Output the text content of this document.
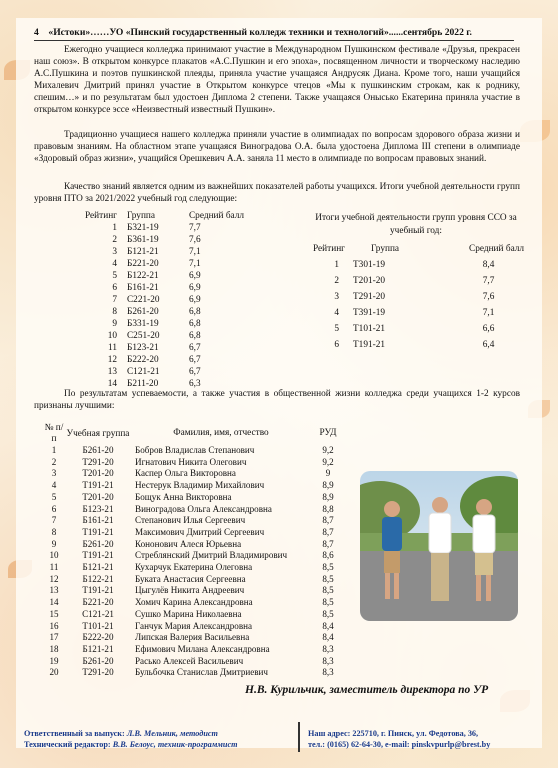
4 «Истоки»……УО «Пинский государственный колледж техники и технологий»......сентябрь 2022 г.
Ежегодно учащиеся колледжа принимают участие в Международном Пушкинском фестивале «Друзья, прекрасен наш союз». В открытом конкурсе плакатов «А.С.Пушкин и его эпоха», посвященном личности и творческому наследию А.С.Пушкина и поэтов пушкинской плеяды, приняла участие учащаяся Андрусяк Диана. Кроме того, наши учащийся Михалевич Дмитрий принял участие в Открытом конкурсе чтецов «Мы к пушкинским строкам, как к роднику, спешим…» и по результатам был удостоен Диплома 2 степени. Также учащаяся Онысько Екатерина приняла участие в открытом конкурсе эссе «Неизвестный известный Пушкин».
Традиционно учащиеся нашего колледжа приняли участие в олимпиадах по вопросам здорового образа жизни и правовым знаниям. На областном этапе учащаяся Виноградова О.А. была удостоена Диплома III степени в олимпиаде «Здоровый образ жизни», учащийся Орешкевич А.А. заняла 11 место в олимпиаде по вопросам правовых знаний.
Качество знаний является одним из важнейших показателей работы учащихся. Итоги учебной деятельности групп уровня ПТО за 2021/2022 учебный год следующие:
Рейтинг	Группа	Средний балл
1	Б321-19	7,7
2	Б361-19	7,6
3	Б121-21	7,1
4	Б221-20	7,1
5	Б122-21	6,9
6	Б161-21	6,9
7	С221-20	6,9
8	Б261-20	6,8
9	Б331-19	6,8
10	С251-20	6,8
11	Б123-21	6,7
12	Б222-20	6,7
13	С121-21	6,7
14	Б211-20	6,3
Итоги учебной деятельности групп уровня ССО за учебный год:
Рейтинг	Группа	Средний балл
1	Т301-19	8,4
2	Т201-20	7,7
3	Т291-20	7,6
4	Т391-19	7,1
5	Т101-21	6,6
6	Т191-21	6,4
По результатам успеваемости, а также участия в общественной жизни колледжа среди учащихся 1-2 курсов признаны лучшими:
№ п/п	Учебная группа	Фамилия, имя, отчество	РУД
1	Б261-20	Бобров Владислав Степанович	9,2
2	Т291-20	Игнатович Никита Олегович	9,2
3	Т201-20	Каспер Ольга Викторовна	9
4	Т191-21	Нестерук Владимир Михайлович	8,9
5	Т201-20	Бощук Анна Викторовна	8,9
6	Б123-21	Виноградова Ольга Александровна	8,8
7	Б161-21	Степанович Илья Сергеевич	8,7
8	Т191-21	Максимович Дмитрий Сергеевич	8,7
9	Б261-20	Кононович Алеся Юрьевна	8,7
10	Т191-21	Стреблянский Дмитрий Владимирович	8,6
11	Б121-21	Кухарчук Екатерина Олеговна	8,5
12	Б122-21	Буката Анастасия Сергеевна	8,5
13	Т191-21	Цыгулёв Никита Андреевич	8,5
14	Б221-20	Хомич Карина Александровна	8,5
15	С121-21	Сушко Марина Николаевна	8,5
16	Т101-21	Ганчук Мария Александровна	8,4
17	Б222-20	Липская Валерия Васильевна	8,4
18	Б121-21	Ефимович Милана Александровна	8,3
19	Б261-20	Расько Алексей Васильевич	8,3
20	Т291-20	Бульбочка Станислав Дмитриевич	8,3
Н.В. Курильчик, заместитель директора по УР
Ответственный за выпуск: Л.В. Мельник, методист
Технический редактор: В.В. Белоус, техник-программист
Наш адрес: 225710, г. Пинск, ул. Федотова, 36,
тел.: (0165) 62-64-30, e-mail: pinskvpurlp@brest.by
